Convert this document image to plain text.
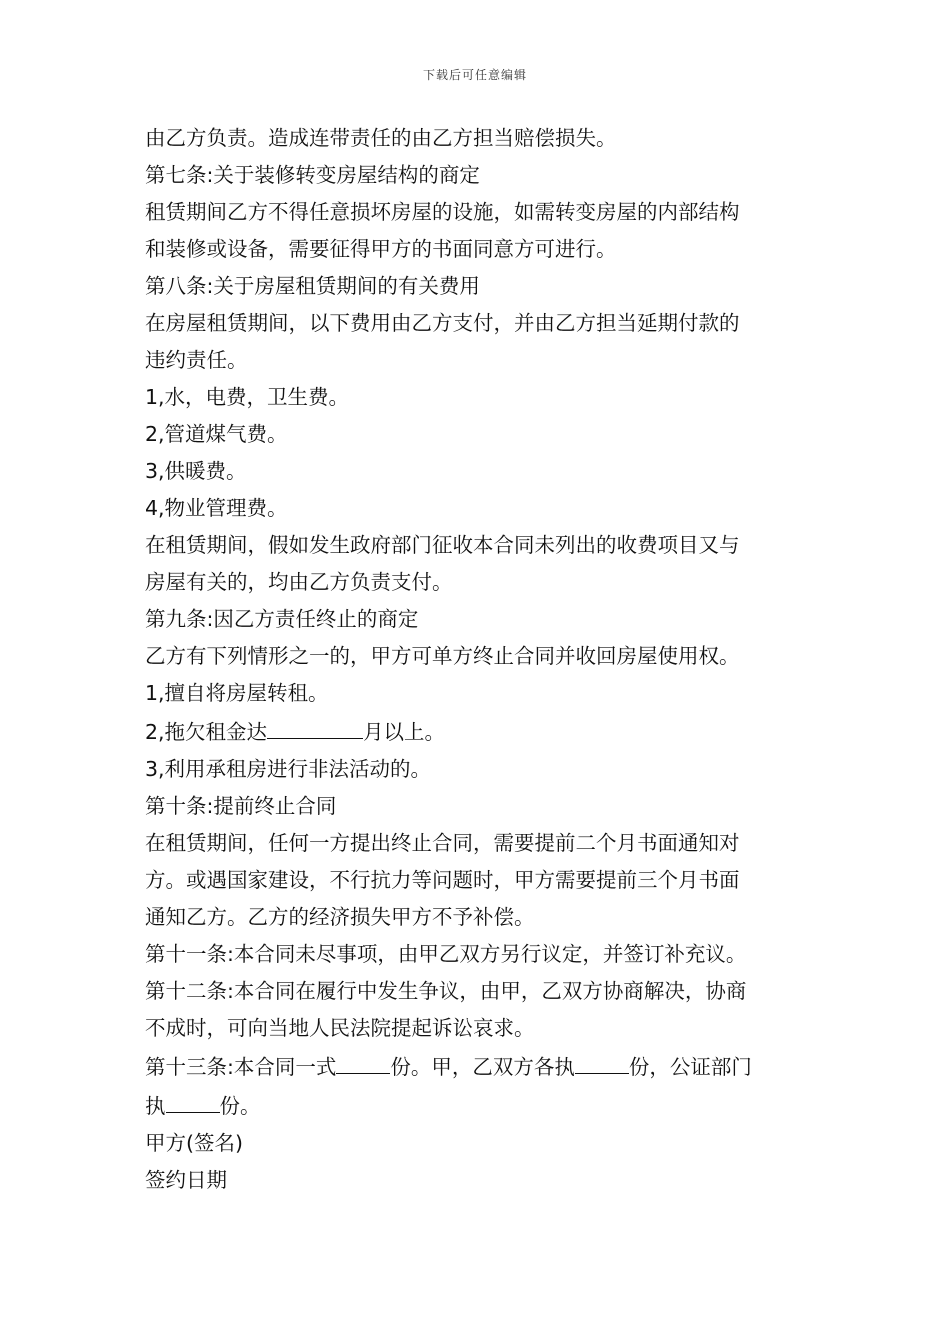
下载后可任意编辑

由乙方负责。造成连带责任的由乙方担当赔偿损失。

第七条:关于装修转变房屋结构的商定

租赁期间乙方不得任意损坏房屋的设施，如需转变房屋的内部结构

和装修或设备，需要征得甲方的书面同意方可进行。

第八条:关于房屋租赁期间的有关费用

在房屋租赁期间，以下费用由乙方支付，并由乙方担当延期付款的

违约责任。

1,水，电费，卫生费。

2,管道煤气费。

3,供暖费。

4,物业管理费。

在租赁期间，假如发生政府部门征收本合同未列出的收费项目又与

房屋有关的，均由乙方负责支付。

第九条:因乙方责任终止的商定

乙方有下列情形之一的，甲方可单方终止合同并收回房屋使用权。

1,擅自将房屋转租。

2,拖欠租金达	月以上。

3,利用承租房进行非法活动的。

第十条:提前终止合同

在租赁期间，任何一方提出终止合同，需要提前二个月书面通知对

方。或遇国家建设，不行抗力等问题时，甲方需要提前三个月书面

通知乙方。乙方的经济损失甲方不予补偿。

第十一条:本合同未尽事项，由甲乙双方另行议定，并签订补充议。

第十二条:本合同在履行中发生争议，由甲，乙双方协商解决，协商

不成时，可向当地人民法院提起诉讼哀求。

第十三条:本合同一式	份。甲，乙双方各执	份，公证部门

执	份。

甲方(签名)

签约日期
